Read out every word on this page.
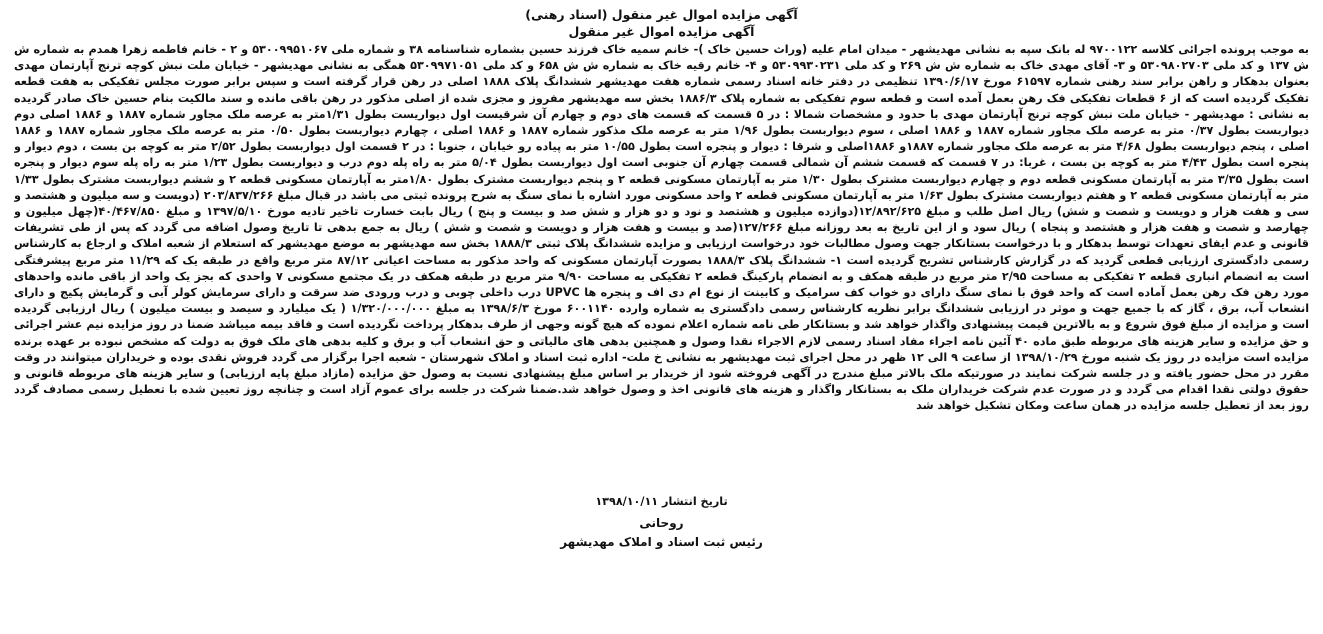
آگهی مزایده اموال غیر منقول (اسناد رهنی)
آگهی مزایده اموال غیر منقول
به موجب پرونده اجرائی کلاسه ۹۷۰۰۱۲۲ له بانک سپه به نشانی مهدیشهر - میدان امام علیه (وراث حسین خاک )- خانم سمیه خاک فرزند حسین بشماره شناسنامه ۳۸ و شماره ملی ۵۳۰۰۹۹۵۱۰۶۷ و ۲ - خانم فاطمه زهرا همدم به شماره ش ش ۱۳۷ و کد ملی ۵۳۰۹۸۰۲۷۰۳ و ۳- آقای مهدی خاک به شماره ش ش ۲۶۹ و کد ملی ۵۳۰۹۹۳۰۲۳۱ و ۴- خانم رقیه خاک به شماره ش ش ۶۵۸ و کد ملی ۵۳۰۹۹۷۱۰۵۱ همگی به نشانی مهدیشهر - خیابان ملت نبش کوچه ترنج آپارتمان مهدی بعنوان بدهکار و راهن برابر سند رهنی شماره ۶۱۵۹۷ مورخ ۱۳۹۰/۶/۱۷ تنظیمی در دفتر خانه اسناد رسمی شماره هفت مهدیشهر ششدانگ پلاک ۱۸۸۸ اصلی در رهن قرار گرفته است و سپس برابر صورت مجلس تفکیکی به هفت قطعه تفکیک گردیده است که از ۶ قطعات تفکیکی فک رهن بعمل آمده است و قطعه سوم تفکیکی به شماره پلاک ۱۸۸۶/۳ بخش سه مهدیشهر مفروز و مجزی شده از اصلی مذکور در رهن باقی مانده و سند مالکیت بنام حسین خاک صادر گردیده به نشانی : مهدیشهر - خیابان ملت نبش کوچه ترنج آپارتمان مهدی با حدود و مشخصات شمالا : در ۵ قسمت که قسمت های دوم و چهارم آن شرقیست اول دیواریست بطول ۱/۳۱متر به عرصه ملک مجاور شماره ۱۸۸۷ و ۱۸۸۶ اصلی دوم دیواربست بطول ۰/۳۷ متر به عرصه ملک مجاور شماره ۱۸۸۷ و ۱۸۸۶ اصلی ، سوم دیواربست بطول ۱/۹۶ متر به عرصه ملک مذکور شماره ۱۸۸۷ و ۱۸۸۶ اصلی ، چهارم دیواربست بطول ۰/۵۰ متر به عرصه ملک مجاور شماره ۱۸۸۷ و ۱۸۸۶ اصلی ، پنجم دیواربست بطول ۴/۶۸ متر به عرصه ملک مجاور شماره ۱۸۸۷و ۱۸۸۶اصلی و شرقا : دیوار و پنجره است بطول ۱۰/۵۵ متر به پیاده رو خیابان ، جنوبا : در ۲ قسمت اول دیواربست بطول ۲/۵۲ متر به کوچه بن بست ، دوم دیوار و پنجره است بطول ۴/۴۳ متر به کوچه بن بست ، غربا: در ۷ قسمت که قسمت ششم آن شمالی قسمت چهارم آن جنوبی است اول دیواربست بطول ۵/۰۴ متر به راه پله دوم درب و دیواربست بطول ۱/۲۳ متر به راه پله سوم دیوار و پنجره است بطول ۳/۳۵ متر به آپارتمان مسکونی قطعه دوم و چهارم دیواربست مشترک بطول ۱/۳۰ متر به آپارتمان مسکونی قطعه ۲ و پنجم دیواربست مشترک بطول ۱/۸۰متر به آپارتمان مسکونی قطعه ۲ و ششم دیواربست مشترک بطول ۱/۳۳ متر به آپارتمان مسکونی قطعه ۲ و هفتم دیواربست مشترک بطول ۱/۶۳ متر به آپارتمان مسکونی قطعه ۲ واحد مسکونی مورد اشاره با نمای سنگ به شرح پرونده ثبتی می باشد در قبال مبلغ ۲۰۳/۸۳۷/۲۶۶ (دویست و سه میلیون و هشتصد و سی و هفت هزار و دویست و شصت و شش) ریال اصل طلب و مبلغ ۱۲/۸۹۲/۶۲۵(دوازده میلیون و هشتصد و نود و دو هزار و شش صد و بیست و پنج ) ریال بابت خسارت تاخیر تادیه مورخ ۱۳۹۷/۵/۱۰ و مبلغ ۴۰/۴۶۷/۸۵۰(چهل میلیون و چهارصد و شصت و هفت هزار و هشتصد و پنجاه ) ریال سود و از این تاریخ به بعد روزانه مبلغ ۱۲۷/۲۶۶(صد و بیست و هفت هزار و دویست و شصت و شش ) ریال به جمع بدهی تا تاریخ وصول اضافه می گردد که پس از طی تشریفات قانونی و عدم ایفای تعهدات توسط بدهکار و با درخواست بستانکار جهت وصول مطالبات خود درخواست ارزیابی و مزایده ششدانگ پلاک ثبتی ۱۸۸۸/۳ بخش سه مهدیشهر به موضع مهدیشهر که استعلام از شعبه املاک و ارجاع به کارشناس رسمی دادگستری ارزیابی قطعی گردید که در گزارش کارشناس تشریح گردیده است ۱- ششدانگ پلاک ۱۸۸۸/۳ بصورت آپارتمان مسکونی که واحد مذکور به مساحت اعیانی ۸۷/۱۲ متر مربع واقع در طبقه یک که ۱۱/۲۹ متر مربع پیشرفتگی است به انضمام انباری قطعه ۲ تفکیکی به مساحت ۲/۹۵ متر مربع در طبقه همکف و به انضمام پارکینگ قطعه ۲ تفکیکی به مساحت ۹/۹۰ متر مربع در طبقه همکف در یک مجتمع مسکونی ۷ واحدی که بجز یک واحد از باقی مانده واحدهای مورد رهن فک رهن بعمل آماده است که واحد فوق با نمای سنگ دارای دو خواب کف سرامیک و کابینت از نوع ام دی اف و پنجره ها UPVC درب داخلی چوبی و درب ورودی ضد سرقت و دارای سرمایش کولر آبی و گرمایش پکیج و دارای انشعاب آب، برق ، گاز که با جمیع جهت و موثر در ارزیابی ششدانگ برابر نظریه کارشناس رسمی دادگستری به شماره وارده ۶۰۰۱۱۴۰ مورخ ۱۳۹۸/۶/۳ به مبلغ ۱/۳۲۰/۰۰۰/۰۰۰ ( یک میلیارد و سیصد و بیست میلیون ) ریال ارزیابی گردیده است و مزایده از مبلغ فوق شروع و به بالاترین قیمت پیشنهادی واگذار خواهد شد و بستانکار طی نامه شماره اعلام نموده که هیچ گونه وجهی از طرف بدهکار پرداخت نگردیده است و فاقد بیمه میباشد ضمنا در روز مزایده نیم عشر اجرائی و حق مزایده و سایر هزینه های مربوطه طبق ماده ۴۰ آئین نامه اجراء مفاد اسناد رسمی لازم الاجراء نقدا وصول و همچنین بدهی های مالیاتی و حق انشعاب آب و برق و کلیه بدهی های ملک فوق به دولت که مشخص نبوده بر عهده برنده مزایده است مزایده در روز یک شنبه مورخ ۱۳۹۸/۱۰/۲۹ از ساعت ۹ الی ۱۲ ظهر در محل اجرای ثبت مهدیشهر به نشانی خ ملت- اداره ثبت اسناد و املاک شهرستان - شعبه اجرا برگزار می گردد فروش نقدی بوده و خریداران میتوانند در وقت مقرر در محل حضور یافته و در جلسه شرکت نمایند در صورتیکه ملک بالاتر مبلغ مندرج در آگهی فروخته شود از خریدار بر اساس مبلغ پیشنهادی نسبت به وصول حق مزایده (مازاد مبلغ پایه ارزیابی) و سایر هزینه های مربوطه قانونی و حقوق دولتی نقدا اقدام می گردد و در صورت عدم شرکت خریداران ملک به بستانکار واگذار و هزینه های قانونی اخذ و وصول خواهد شد.ضمنا شرکت در جلسه برای عموم آزاد است و چنانچه روز تعیین شده با تعطیل رسمی مصادف گردد روز بعد از تعطیل جلسه مزایده در همان ساعت ومکان تشکیل خواهد شد
تاریخ انتشار ۱۳۹۸/۱۰/۱۱
روحانی
رئیس ثبت اسناد و املاک مهدیشهر
